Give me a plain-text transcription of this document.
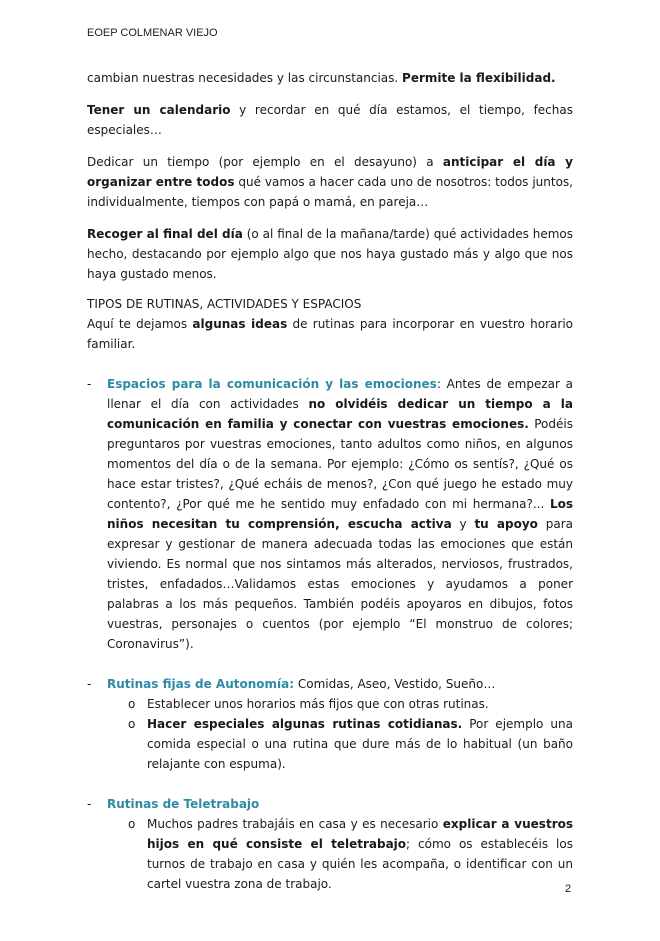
EOEP COLMENAR VIEJO

cambian nuestras necesidades y las circunstancias. Permite la flexibilidad.

Tener un calendario y recordar en qué día estamos, el tiempo, fechas especiales…

Dedicar un tiempo (por ejemplo en el desayuno) a anticipar el día y organizar entre todos qué vamos a hacer cada uno de nosotros: todos juntos, individualmente, tiempos con papá o mamá, en pareja…

Recoger al final del día (o al final de la mañana/tarde) qué actividades hemos hecho, destacando por ejemplo algo que nos haya gustado más y algo que nos haya gustado menos.

TIPOS DE RUTINAS, ACTIVIDADES Y ESPACIOS

Aquí te dejamos algunas ideas de rutinas para incorporar en vuestro horario familiar.

- Espacios para la comunicación y las emociones: Antes de empezar a llenar el día con actividades no olvidéis dedicar un tiempo a la comunicación en familia y conectar con vuestras emociones. Podéis preguntaros por vuestras emociones, tanto adultos como niños, en algunos momentos del día o de la semana. Por ejemplo: ¿Cómo os sentís?, ¿Qué os hace estar tristes?, ¿Qué echáis de menos?, ¿Con qué juego he estado muy contento?, ¿Por qué me he sentido muy enfadado con mi hermana?... Los niños necesitan tu comprensión, escucha activa y tu apoyo para expresar y gestionar de manera adecuada todas las emociones que están viviendo. Es normal que nos sintamos más alterados, nerviosos, frustrados, tristes, enfadados…Validamos estas emociones y ayudamos a poner palabras a los más pequeños. También podéis apoyaros en dibujos, fotos vuestras, personajes o cuentos (por ejemplo “El monstruo de colores; Coronavirus”).

- Rutinas fijas de Autonomía: Comidas, Aseo, Vestido, Sueño…

o Establecer unos horarios más fijos que con otras rutinas.

o Hacer especiales algunas rutinas cotidianas. Por ejemplo una comida especial o una rutina que dure más de lo habitual (un baño relajante con espuma).

- Rutinas de Teletrabajo

o Muchos padres trabajáis en casa y es necesario explicar a vuestros hijos en qué consiste el teletrabajo; cómo os establecéis los turnos de trabajo en casa y quién les acompaña, o identificar con un cartel vuestra zona de trabajo.	2
